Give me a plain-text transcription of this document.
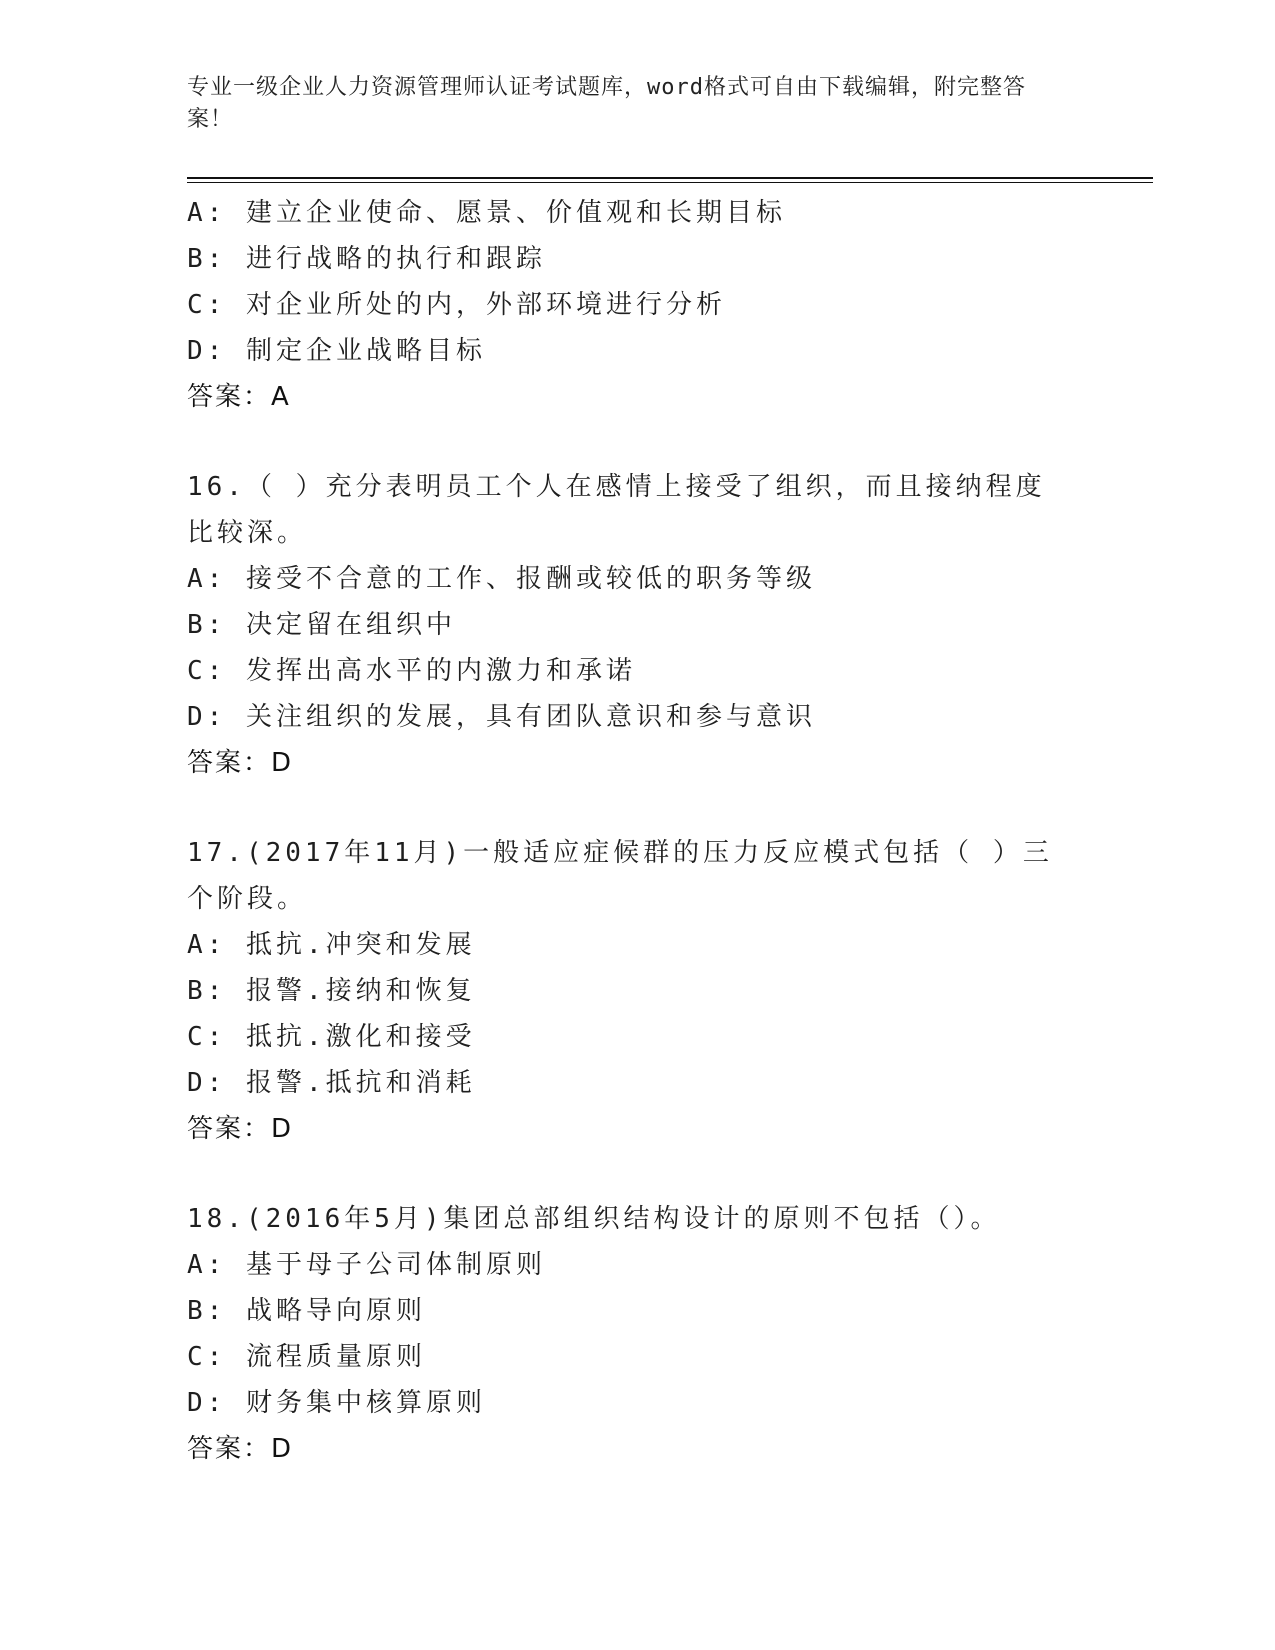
专业一级企业人力资源管理师认证考试题库，word格式可自由下载编辑，附完整答案！
A: 建立企业使命、愿景、价值观和长期目标
B: 进行战略的执行和跟踪
C: 对企业所处的内，外部环境进行分析
D: 制定企业战略目标
答案：A
16.（ ）充分表明员工个人在感情上接受了组织，而且接纳程度比较深。
A: 接受不合意的工作、报酬或较低的职务等级
B: 决定留在组织中
C: 发挥出高水平的内激力和承诺
D: 关注组织的发展，具有团队意识和参与意识
答案：D
17.(2017年11月)一般适应症候群的压力反应模式包括（ ）三个阶段。
A: 抵抗.冲突和发展
B: 报警.接纳和恢复
C: 抵抗.激化和接受
D: 报警.抵抗和消耗
答案：D
18.(2016年5月)集团总部组织结构设计的原则不包括（）。
A: 基于母子公司体制原则
B: 战略导向原则
C: 流程质量原则
D: 财务集中核算原则
答案：D
